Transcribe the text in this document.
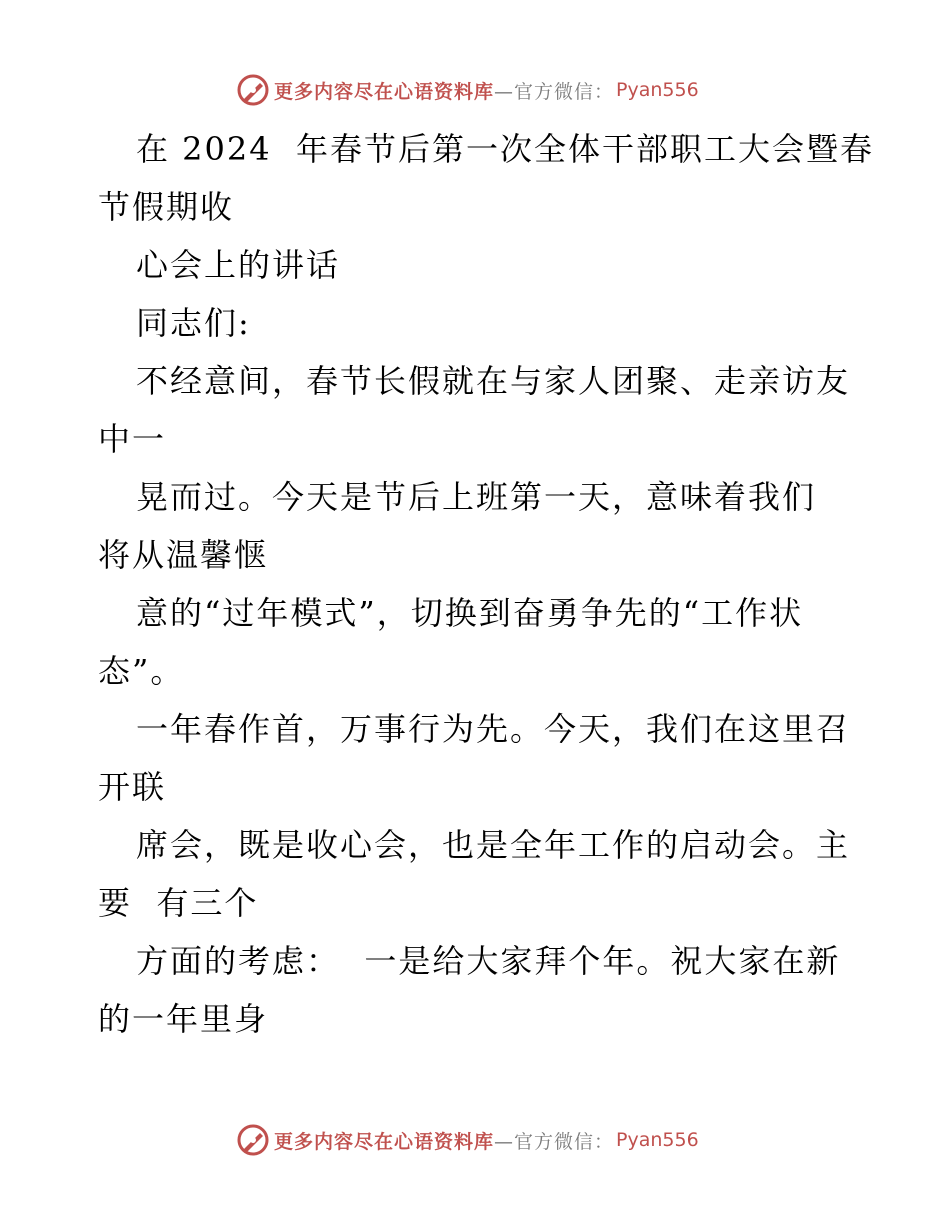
更多内容尽在心语资料库 —官方微信： Pyan556
在 2024  年春节后第一次全体干部职工大会暨春
节假期收
心会上的讲话
同志们:
不经意间，春节长假就在与家人团聚、走亲访友
中一
晃而过。今天是节后上班第一天，意味着我们
将从温馨惬
意的“过年模式”，切换到奋勇争先的“工作状
态”。
一年春作首，万事行为先。今天，我们在这里召
开联
席会，既是收心会，也是全年工作的启动会。主
要  有三个
方面的考虑：  一是给大家拜个年。祝大家在新
的一年里身
更多内容尽在心语资料库 —官方微信： Pyan556
